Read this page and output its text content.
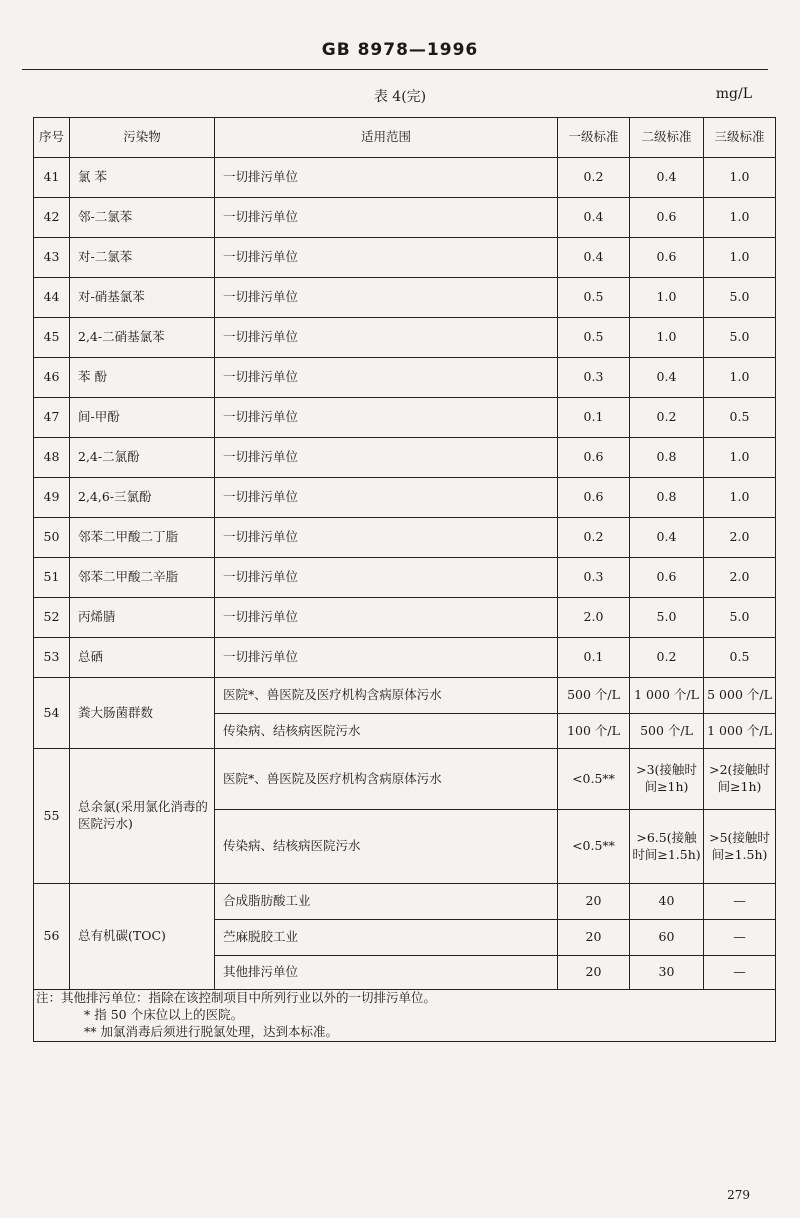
GB 8978—1996
表 4(完)	mg/L
序号	污染物	适用范围	一级标准	二级标准	三级标准
41	氯 苯	一切排污单位	0.2	0.4	1.0
42	邻-二氯苯	一切排污单位	0.4	0.6	1.0
43	对-二氯苯	一切排污单位	0.4	0.6	1.0
44	对-硝基氯苯	一切排污单位	0.5	1.0	5.0
45	2,4-二硝基氯苯	一切排污单位	0.5	1.0	5.0
46	苯 酚	一切排污单位	0.3	0.4	1.0
47	间-甲酚	一切排污单位	0.1	0.2	0.5
48	2,4-二氯酚	一切排污单位	0.6	0.8	1.0
49	2,4,6-三氯酚	一切排污单位	0.6	0.8	1.0
50	邻苯二甲酸二丁脂	一切排污单位	0.2	0.4	2.0
51	邻苯二甲酸二辛脂	一切排污单位	0.3	0.6	2.0
52	丙烯腈	一切排污单位	2.0	5.0	5.0
53	总硒	一切排污单位	0.1	0.2	0.5
54	粪大肠菌群数	医院*、兽医院及医疗机构含病原体污水	500 个/L	1 000 个/L	5 000 个/L
		传染病、结核病医院污水	100 个/L	500 个/L	1 000 个/L
55	总余氯(采用氯化消毒的医院污水)	医院*、兽医院及医疗机构含病原体污水	<0.5**	>3(接触时间≥1h)	>2(接触时间≥1h)
		传染病、结核病医院污水	<0.5**	>6.5(接触时间≥1.5h)	>5(接触时间≥1.5h)
56	总有机碳(TOC)	合成脂肪酸工业	20	40	—
		苎麻脱胶工业	20	60	—
		其他排污单位	20	30	—

注：其他排污单位：指除在该控制项目中所列行业以外的一切排污单位。
* 指 50 个床位以上的医院。
** 加氯消毒后须进行脱氯处理，达到本标准。					
279
